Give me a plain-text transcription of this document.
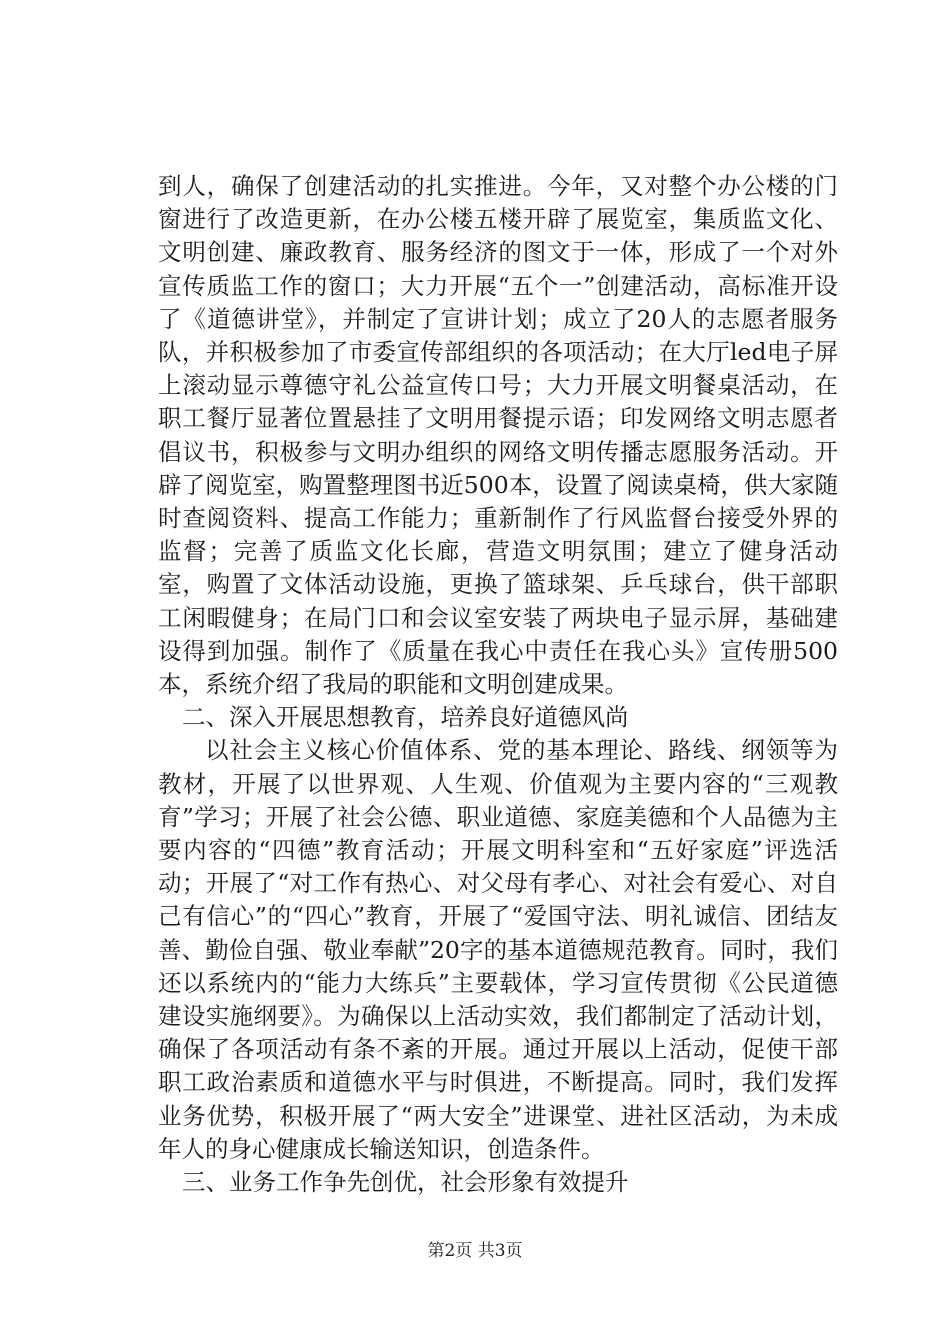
到人，确保了创建活动的扎实推进。今年，又对整个办公楼的门窗进行了改造更新，在办公楼五楼开辟了展览室，集质监文化、文明创建、廉政教育、服务经济的图文于一体，形成了一个对外宣传质监工作的窗口；大力开展“五个一”创建活动，高标准开设了《道德讲堂》，并制定了宣讲计划；成立了20人的志愿者服务队，并积极参加了市委宣传部组织的各项活动；在大厅led电子屏上滚动显示尊德守礼公益宣传口号；大力开展文明餐桌活动，在职工餐厅显著位置悬挂了文明用餐提示语；印发网络文明志愿者倡议书，积极参与文明办组织的网络文明传播志愿服务活动。开辟了阅览室，购置整理图书近500本，设置了阅读桌椅，供大家随时查阅资料、提高工作能力；重新制作了行风监督台接受外界的监督；完善了质监文化长廊，营造文明氛围；建立了健身活动室，购置了文体活动设施，更换了篮球架、乒乓球台，供干部职工闲暇健身；在局门口和会议室安装了两块电子显示屏，基础建设得到加强。制作了《质量在我心中责任在我心头》宣传册500本，系统介绍了我局的职能和文明创建成果。

二、深入开展思想教育，培养良好道德风尚

以社会主义核心价值体系、党的基本理论、路线、纲领等为教材，开展了以世界观、人生观、价值观为主要内容的“三观教育”学习；开展了社会公德、职业道德、家庭美德和个人品德为主要内容的“四德”教育活动；开展文明科室和“五好家庭”评选活动；开展了“对工作有热心、对父母有孝心、对社会有爱心、对自己有信心”的“四心”教育，开展了“爱国守法、明礼诚信、团结友善、勤俭自强、敬业奉献”20字的基本道德规范教育。同时，我们还以系统内的“能力大练兵”主要载体，学习宣传贯彻《公民道德建设实施纲要》。为确保以上活动实效，我们都制定了活动计划，确保了各项活动有条不紊的开展。通过开展以上活动，促使干部职工政治素质和道德水平与时俱进，不断提高。同时，我们发挥业务优势，积极开展了“两大安全”进课堂、进社区活动，为未成年人的身心健康成长输送知识，创造条件。

三、业务工作争先创优，社会形象有效提升

第2页 共3页
